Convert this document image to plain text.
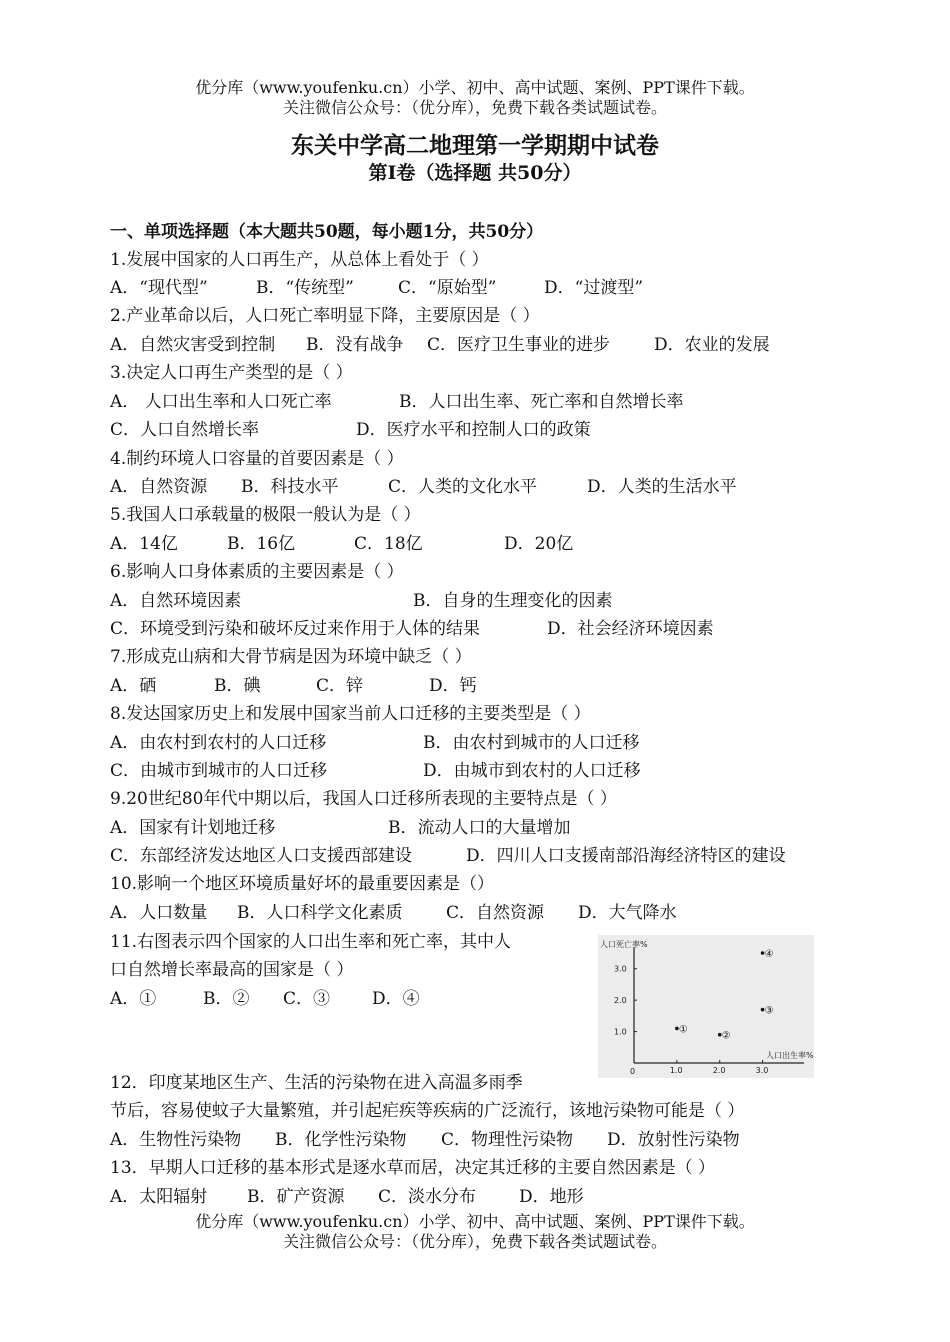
优分库（www.youfenku.cn）小学、初中、高中试题、案例、PPT课件下载。
关注微信公众号：（优分库），免费下载各类试题试卷。
东关中学高二地理第一学期期中试卷
第Ⅰ卷（选择题 共50分）
一、单项选择题（本大题共50题，每小题1分，共50分）
1.发展中国家的人口再生产，从总体上看处于（ ）
A．“现代型”	B．“传统型”	C．“原始型”	D．“过渡型”
2.产业革命以后，人口死亡率明显下降，主要原因是（ ）
A．自然灾害受到控制 B．没有战争 C．医疗卫生事业的进步	D．农业的发展
3.决定人口再生产类型的是（ ）
A． 人口出生率和人口死亡率	B．人口出生率、死亡率和自然增长率
C．人口自然增长率	D．医疗水平和控制人口的政策
4.制约环境人口容量的首要因素是（ ）
A．自然资源 B．科技水平	C．人类的文化水平	D．人类的生活水平
5.我国人口承载量的极限一般认为是（ ）
A．14亿	B．16亿	C．18亿	D．20亿
6.影响人口身体素质的主要因素是（ ）
A．自然环境因素	B．自身的生理变化的因素
C．环境受到污染和破坏反过来作用于人体的结果	D．社会经济环境因素
7.形成克山病和大骨节病是因为环境中缺乏（ ）
A．硒	B．碘	C．锌	D．钙
8.发达国家历史上和发展中国家当前人口迁移的主要类型是（ ）
A．由农村到农村的人口迁移	B．由农村到城市的人口迁移
C．由城市到城市的人口迁移	D．由城市到农村的人口迁移
9.20世纪80年代中期以后，我国人口迁移所表现的主要特点是（ ）
A．国家有计划地迁移	B．流动人口的大量增加
C．东部经济发达地区人口支援西部建设	D．四川人口支援南部沿海经济特区的建设
10.影响一个地区环境质量好坏的最重要因素是（）
A．人口数量 B．人口科学文化素质	C．自然资源 D．大气降水
11.右图表示四个国家的人口出生率和死亡率，其中人
口自然增长率最高的国家是（ ）
A．①	B．② C．③ D．④
人口死亡率%
人口出生率%
0	1.0	2.0	3.0
1.0
2.0
3.0
①
②
③
④
12．印度某地区生产、生活的污染物在进入高温多雨季
节后，容易使蚊子大量繁殖，并引起疟疾等疾病的广泛流行，该地污染物可能是（ ）
A．生物性污染物 B．化学性污染物 C．物理性污染物 D．放射性污染物
13．早期人口迁移的基本形式是逐水草而居，决定其迁移的主要自然因素是（ ）
A．太阳辐射 B．矿产资源 C．淡水分布	D．地形
优分库（www.youfenku.cn）小学、初中、高中试题、案例、PPT课件下载。
关注微信公众号：（优分库），免费下载各类试题试卷。
